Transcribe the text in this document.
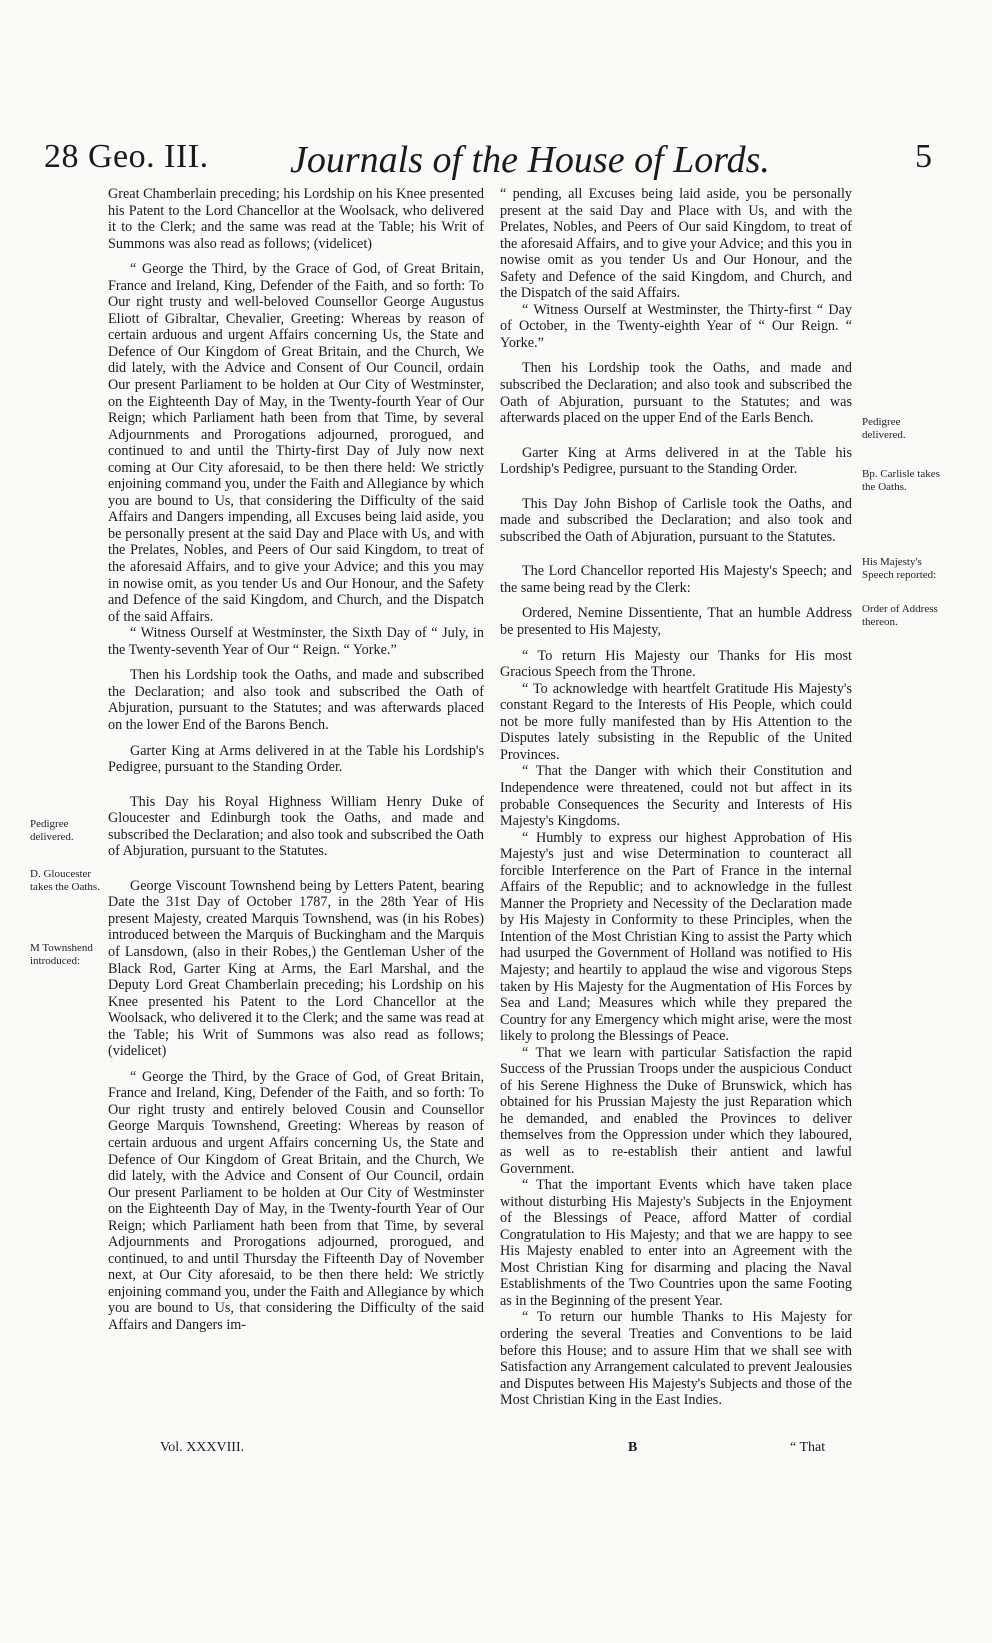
28 Geo. III. Journals of the House of Lords.	5

Great Chamberlain preceding; his Lordship on his Knee presented his Patent to the Lord Chancellor at the Woolsack, who delivered it to the Clerk; and the same was read at the Table; his Writ of Summons was also read as follows; (videlicet)

“ George the Third, by the Grace of God, of Great Britain, France and Ireland, King, Defender of the Faith, and so forth: To Our right trusty and well-beloved Counsellor George Augustus Eliott of Gibraltar, Chevalier, Greeting: Whereas by reason of certain arduous and urgent Affairs concerning Us, the State and Defence of Our Kingdom of Great Britain, and the Church, We did lately, with the Advice and Consent of Our Council, ordain Our present Parliament to be holden at Our City of Westminster, on the Eighteenth Day of May, in the Twenty-fourth Year of Our Reign; which Parliament hath been from that Time, by several Adjournments and Prorogations adjourned, prorogued, and continued to and until the Thirty-first Day of July now next coming at Our City aforesaid, to be then there held: We strictly enjoining command you, under the Faith and Allegiance by which you are bound to Us, that considering the Difficulty of the said Affairs and Dangers impending, all Excuses being laid aside, you be personally present at the said Day and Place with Us, and with the Prelates, Nobles, and Peers of Our said Kingdom, to treat of the aforesaid Affairs, and to give your Advice; and this you may in nowise omit, as you tender Us and Our Honour, and the Safety and Defence of the said Kingdom, and Church, and the Dispatch of the said Affairs.

“ Witness Ourself at Westminster, the Sixth Day of “ July, in the Twenty-seventh Year of Our “ Reign. “ Yorke.”

Then his Lordship took the Oaths, and made and subscribed the Declaration; and also took and subscribed the Oath of Abjuration, pursuant to the Statutes; and was afterwards placed on the lower End of the Barons Bench.

Garter King at Arms delivered in at the Table his Lordship's Pedigree, pursuant to the Standing Order.

This Day his Royal Highness William Henry Duke of Gloucester and Edinburgh took the Oaths, and made and subscribed the Declaration; and also took and subscribed the Oath of Abjuration, pursuant to the Statutes.

George Viscount Townshend being by Letters Patent, bearing Date the 31st Day of October 1787, in the 28th Year of His present Majesty, created Marquis Townshend, was (in his Robes) introduced between the Marquis of Buckingham and the Marquis of Lansdown, (also in their Robes,) the Gentleman Usher of the Black Rod, Garter King at Arms, the Earl Marshal, and the Deputy Lord Great Chamberlain preceding; his Lordship on his Knee presented his Patent to the Lord Chancellor at the Woolsack, who delivered it to the Clerk; and the same was read at the Table; his Writ of Summons was also read as follows; (videlicet)

“ George the Third, by the Grace of God, of Great Britain, France and Ireland, King, Defender of the Faith, and so forth: To Our right trusty and entirely beloved Cousin and Counsellor George Marquis Townshend, Greeting: Whereas by reason of certain arduous and urgent Affairs concerning Us, the State and Defence of Our Kingdom of Great Britain, and the Church, We did lately, with the Advice and Consent of Our Council, ordain Our present Parliament to be holden at Our City of Westminster on the Eighteenth Day of May, in the Twenty-fourth Year of Our Reign; which Parliament hath been from that Time, by several Adjournments and Prorogations adjourned, prorogued, and continued, to and until Thursday the Fifteenth Day of November next, at Our City aforesaid, to be then there held: We strictly enjoining command you, under the Faith and Allegiance by which you are bound to Us, that considering the Difficulty of the said Affairs and Dangers im-

“ pending, all Excuses being laid aside, you be personally present at the said Day and Place with Us, and with the Prelates, Nobles, and Peers of Our said Kingdom, to treat of the aforesaid Affairs, and to give your Advice; and this you in nowise omit as you tender Us and Our Honour, and the Safety and Defence of the said Kingdom, and Church, and the Dispatch of the said Affairs.

“ Witness Ourself at Westminster, the Thirty-first “ Day of October, in the Twenty-eighth Year of “ Our Reign. “ Yorke.”

Then his Lordship took the Oaths, and made and subscribed the Declaration; and also took and subscribed the Oath of Abjuration, pursuant to the Statutes; and was afterwards placed on the upper End of the Earls Bench.

Garter King at Arms delivered in at the Table his Lordship's Pedigree, pursuant to the Standing Order.

This Day John Bishop of Carlisle took the Oaths, and made and subscribed the Declaration; and also took and subscribed the Oath of Abjuration, pursuant to the Statutes.

The Lord Chancellor reported His Majesty's Speech; and the same being read by the Clerk:

Ordered, Nemine Dissentiente, That an humble Address be presented to His Majesty,

“ To return His Majesty our Thanks for His most Gracious Speech from the Throne.

“ To acknowledge with heartfelt Gratitude His Majesty's constant Regard to the Interests of His People, which could not be more fully manifested than by His Attention to the Disputes lately subsisting in the Republic of the United Provinces.

“ That the Danger with which their Constitution and Independence were threatened, could not but affect in its probable Consequences the Security and Interests of His Majesty's Kingdoms.

“ Humbly to express our highest Approbation of His Majesty's just and wise Determination to counteract all forcible Interference on the Part of France in the internal Affairs of the Republic; and to acknowledge in the fullest Manner the Propriety and Necessity of the Declaration made by His Majesty in Conformity to these Principles, when the Intention of the Most Christian King to assist the Party which had usurped the Government of Holland was notified to His Majesty; and heartily to applaud the wise and vigorous Steps taken by His Majesty for the Augmentation of His Forces by Sea and Land; Measures which while they prepared the Country for any Emergency which might arise, were the most likely to prolong the Blessings of Peace.

“ That we learn with particular Satisfaction the rapid Success of the Prussian Troops under the auspicious Conduct of his Serene Highness the Duke of Brunswick, which has obtained for his Prussian Majesty the just Reparation which he demanded, and enabled the Provinces to deliver themselves from the Oppression under which they laboured, as well as to re-establish their antient and lawful Government.

“ That the important Events which have taken place without disturbing His Majesty's Subjects in the Enjoyment of the Blessings of Peace, afford Matter of cordial Congratulation to His Majesty; and that we are happy to see His Majesty enabled to enter into an Agreement with the Most Christian King for disarming and placing the Naval Establishments of the Two Countries upon the same Footing as in the Beginning of the present Year.

“ To return our humble Thanks to His Majesty for ordering the several Treaties and Conventions to be laid before this House; and to assure Him that we shall see with Satisfaction any Arrangement calculated to prevent Jealousies and Disputes between His Majesty's Subjects and those of the Most Christian King in the East Indies.

Pedigree delivered.
D. Gloucester takes the Oaths.
M Townshend introduced:
Pedigree delivered.
Bp. Carlisle takes the Oaths.
His Majesty's Speech reported:
Order of Address thereon.
Vol. XXXVIII.	B	“ That
